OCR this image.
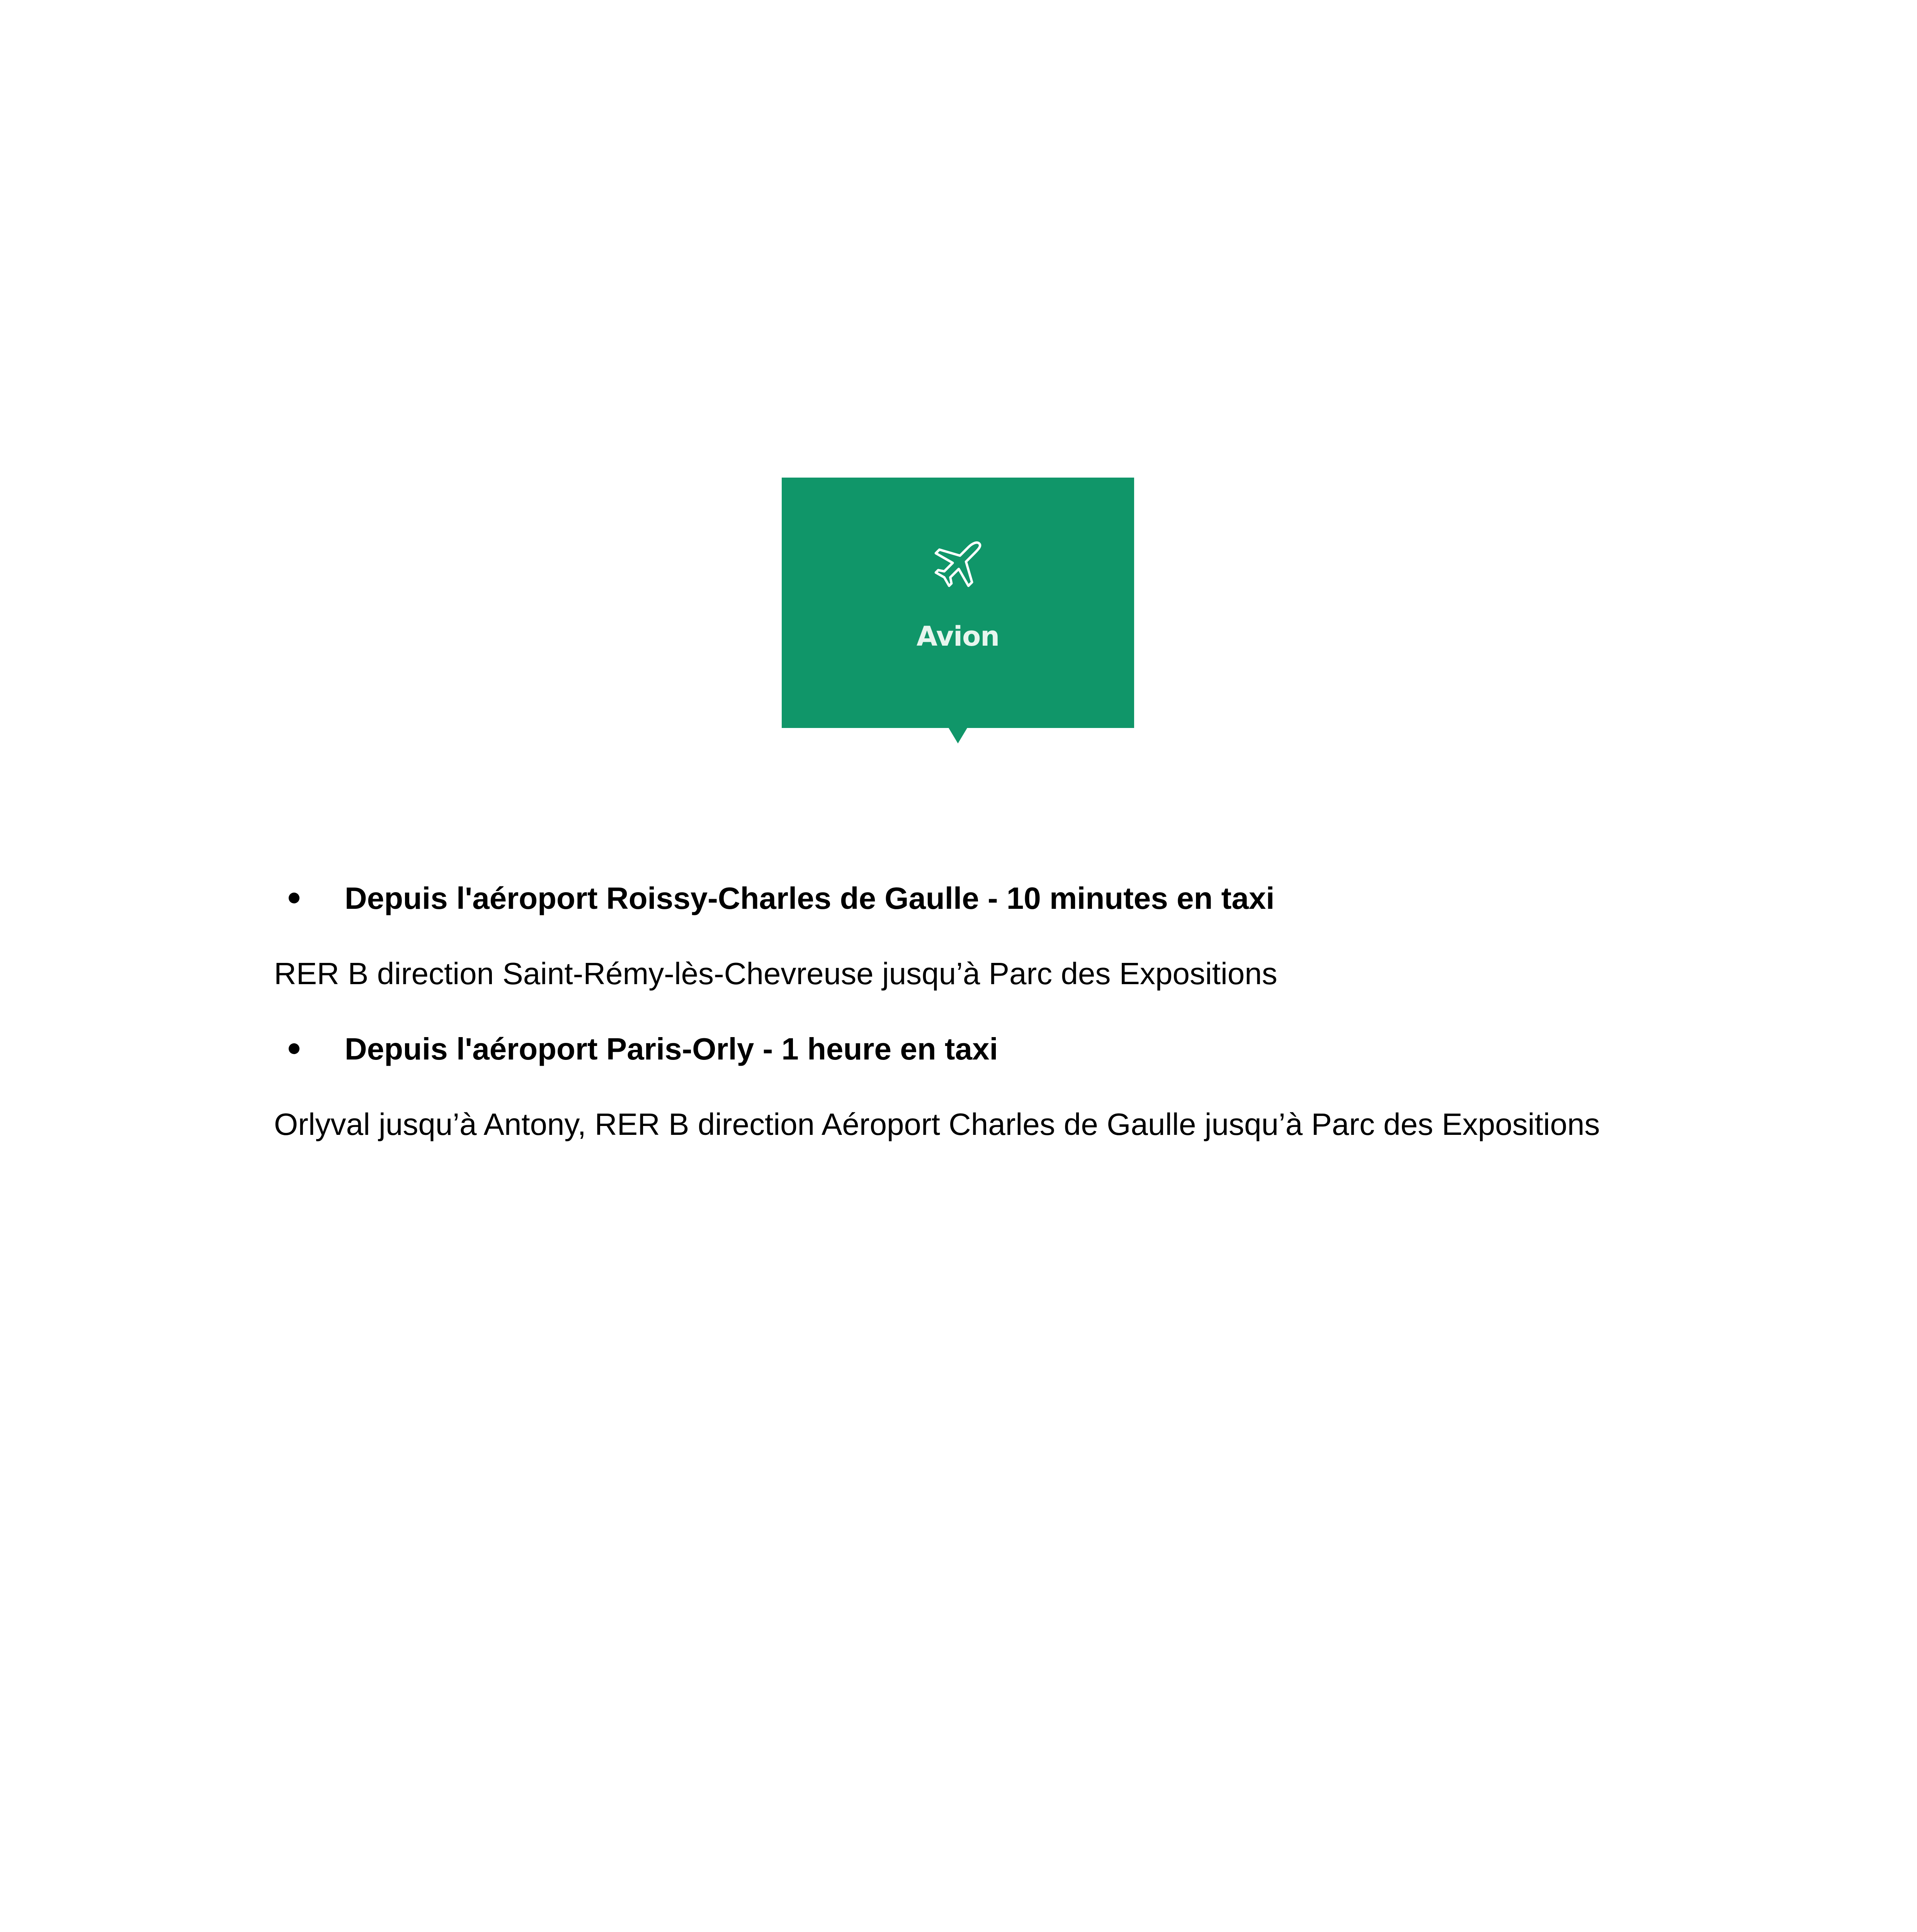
Avion
Depuis l'aéroport Roissy-Charles de Gaulle - 10 minutes en taxi

RER B direction Saint-Rémy-lès-Chevreuse jusqu’à Parc des Expositions

Depuis l'aéroport Paris-Orly - 1 heure en taxi

Orlyval jusqu’à Antony, RER B direction Aéroport Charles de Gaulle jusqu’à Parc des Expositions
